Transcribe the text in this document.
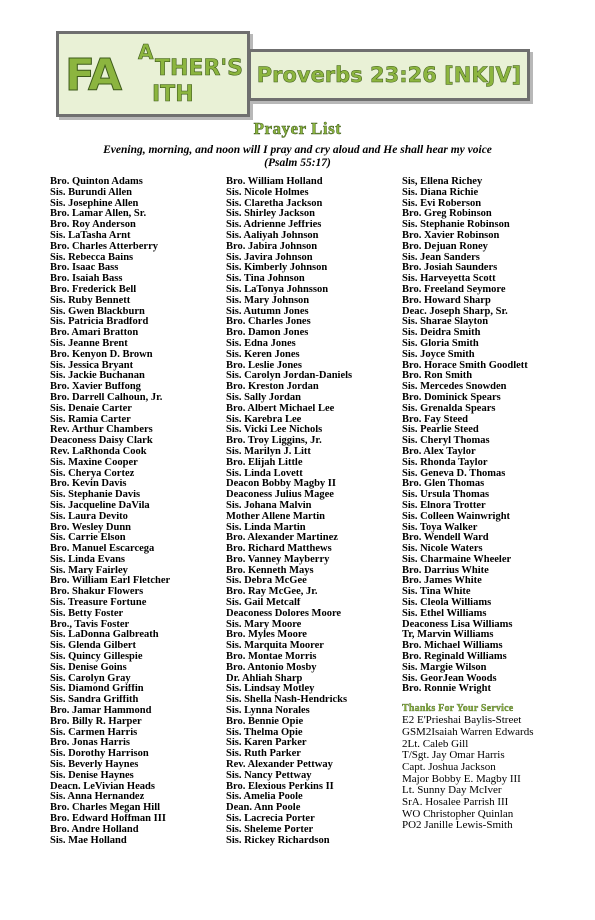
A
FA THER'S
ITH
Proverbs 23:26 [NKJV]
Prayer List
Evening, morning, and noon will I pray and cry aloud and He shall hear my voice
(Psalm 55:17)
Bro. Quinton Adams
Sis. Burundi Allen
Sis. Josephine Allen
Bro. Lamar Allen, Sr.
Bro. Roy Anderson
Sis. LaTasha Arnt
Bro. Charles Atterberry
Sis. Rebecca Bains
Bro. Isaac Bass
Bro. Isaiah Bass
Bro. Frederick Bell
Sis. Ruby Bennett
Sis. Gwen Blackburn
Sis. Patricia Bradford
Bro. Amari Bratton
Sis. Jeanne Brent
Bro. Kenyon D. Brown
Sis. Jessica Bryant
Sis. Jackie Buchanan
Bro. Xavier Buffong
Bro. Darrell Calhoun, Jr.
Sis. Denaie Carter
Sis. Ramia Carter
Rev. Arthur Chambers
Deaconess Daisy Clark
Rev. LaRhonda Cook
Sis. Maxine Cooper
Sis. Cherya Cortez
Bro. Kevin Davis
Sis. Stephanie Davis
Sis. Jacqueline DaVila
Sis. Laura Devito
Bro. Wesley Dunn
Sis. Carrie Elson
Bro. Manuel Escarcega
Sis. Linda Evans
Sis. Mary Fairley
Bro. William Earl Fletcher
Bro. Shakur Flowers
Sis. Treasure Fortune
Sis. Betty Foster
Bro., Tavis Foster
Sis. LaDonna Galbreath
Sis. Glenda Gilbert
Sis. Quincy Gillespie
Sis. Denise Goins
Sis. Carolyn Gray
Sis. Diamond Griffin
Sis. Sandra Griffith
Bro. Jamar Hammond
Bro. Billy R. Harper
Sis. Carmen Harris
Bro. Jonas Harris
Sis. Dorothy Harrison
Sis. Beverly Haynes
Sis. Denise Haynes
Deacn. LeVivian Heads
Sis. Anna Hernandez
Bro. Charles Megan Hill
Bro. Edward Hoffman III
Bro. Andre Holland
Sis. Mae Holland
Bro. William Holland
Sis. Nicole Holmes
Sis. Claretha Jackson
Sis. Shirley Jackson
Sis. Adrienne Jeffries
Sis. Aaliyah Johnson
Bro. Jabira Johnson
Sis. Javira Johnson
Sis. Kimberly Johnson
Sis. Tina Johnson
Sis. LaTonya Johnsson
Sis. Mary Johnson
Sis. Autumn Jones
Bro. Charles Jones
Bro. Damon Jones
Sis. Edna Jones
Sis. Keren Jones
Bro. Leslie Jones
Sis. Carolyn Jordan-Daniels
Bro. Kreston Jordan
Sis. Sally Jordan
Bro. Albert Michael Lee
Sis. Karebra Lee
Sis. Vicki Lee Nichols
Bro. Troy Liggins, Jr.
Sis. Marilyn J. Litt
Bro. Elijah Little
Sis. Linda Lovett
Deacon Bobby Magby II
Deaconess Julius Magee
Sis. Johana Malvin
Mother Allene Martin
Sis. Linda Martin
Bro. Alexander Martinez
Bro. Richard Matthews
Bro. Vanney Mayberry
Bro. Kenneth Mays
Sis. Debra McGee
Bro. Ray McGee, Jr.
Sis. Gail Metcalf
Deaconess Dolores Moore
Sis. Mary Moore
Bro. Myles Moore
Sis. Marquita Moorer
Bro. Montae Morris
Bro. Antonio Mosby
Dr. Ahliah Sharp
Sis. Lindsay Motley
Sis. Shella Nash-Hendricks
Sis. Lynna Norales
Bro. Bennie Opie
Sis. Thelma Opie
Sis. Karen Parker
Sis. Ruth Parker
Rev. Alexander Pettway
Sis. Nancy Pettway
Bro. Elexious Perkins II
Sis. Amelia Poole
Dean. Ann Poole
Sis. Lacrecia Porter
Sis. Sheleme Porter
Sis. Rickey Richardson
Sis, Ellena Richey
Sis. Diana Richie
Sis. Evi Roberson
Bro. Greg Robinson
Sis. Stephanie Robinson
Bro. Xavier Robinson
Bro. Dejuan Roney
Sis. Jean Sanders
Bro. Josiah Saunders
Sis. Harveyetta Scott
Bro. Freeland Seymore
Bro. Howard Sharp
Deac. Joseph Sharp, Sr.
Sis. Sharae Slayton
Sis. Deidra Smith
Sis. Gloria Smith
Sis. Joyce Smith
Bro. Horace Smith Goodlett
Bro. Ron Smith
Sis. Mercedes Snowden
Bro. Dominick Spears
Sis. Grenalda Spears
Bro. Fay Steed
Sis. Pearlie Steed
Sis. Cheryl Thomas
Bro. Alex Taylor
Sis. Rhonda Taylor
Sis. Geneva D. Thomas
Bro. Glen Thomas
Sis. Ursula Thomas
Sis. Elnora Trotter
Sis. Colleen Wainwright
Sis. Toya Walker
Bro. Wendell Ward
Sis. Nicole Waters
Sis. Charmaine Wheeler
Bro. Darrius White
Bro. James White
Sis. Tina White
Sis. Cleola Williams
Sis. Ethel Williams
Deaconess Lisa Williams
Tr, Marvin Williams
Bro. Michael Williams
Bro. Reginald Williams
Sis. Margie Wilson
Sis. GeorJean Woods
Bro. Ronnie Wright
Thanks For Your Service
E2 E'Prieshai Baylis-Street
GSM2Isaiah Warren Edwards
2Lt. Caleb Gill
T/Sgt. Jay Omar Harris
Capt. Joshua Jackson
Major Bobby E. Magby III
Lt. Sunny Day McIver
SrA. Hosalee Parrish III
WO Christopher Quinlan
PO2 Janille Lewis-Smith
